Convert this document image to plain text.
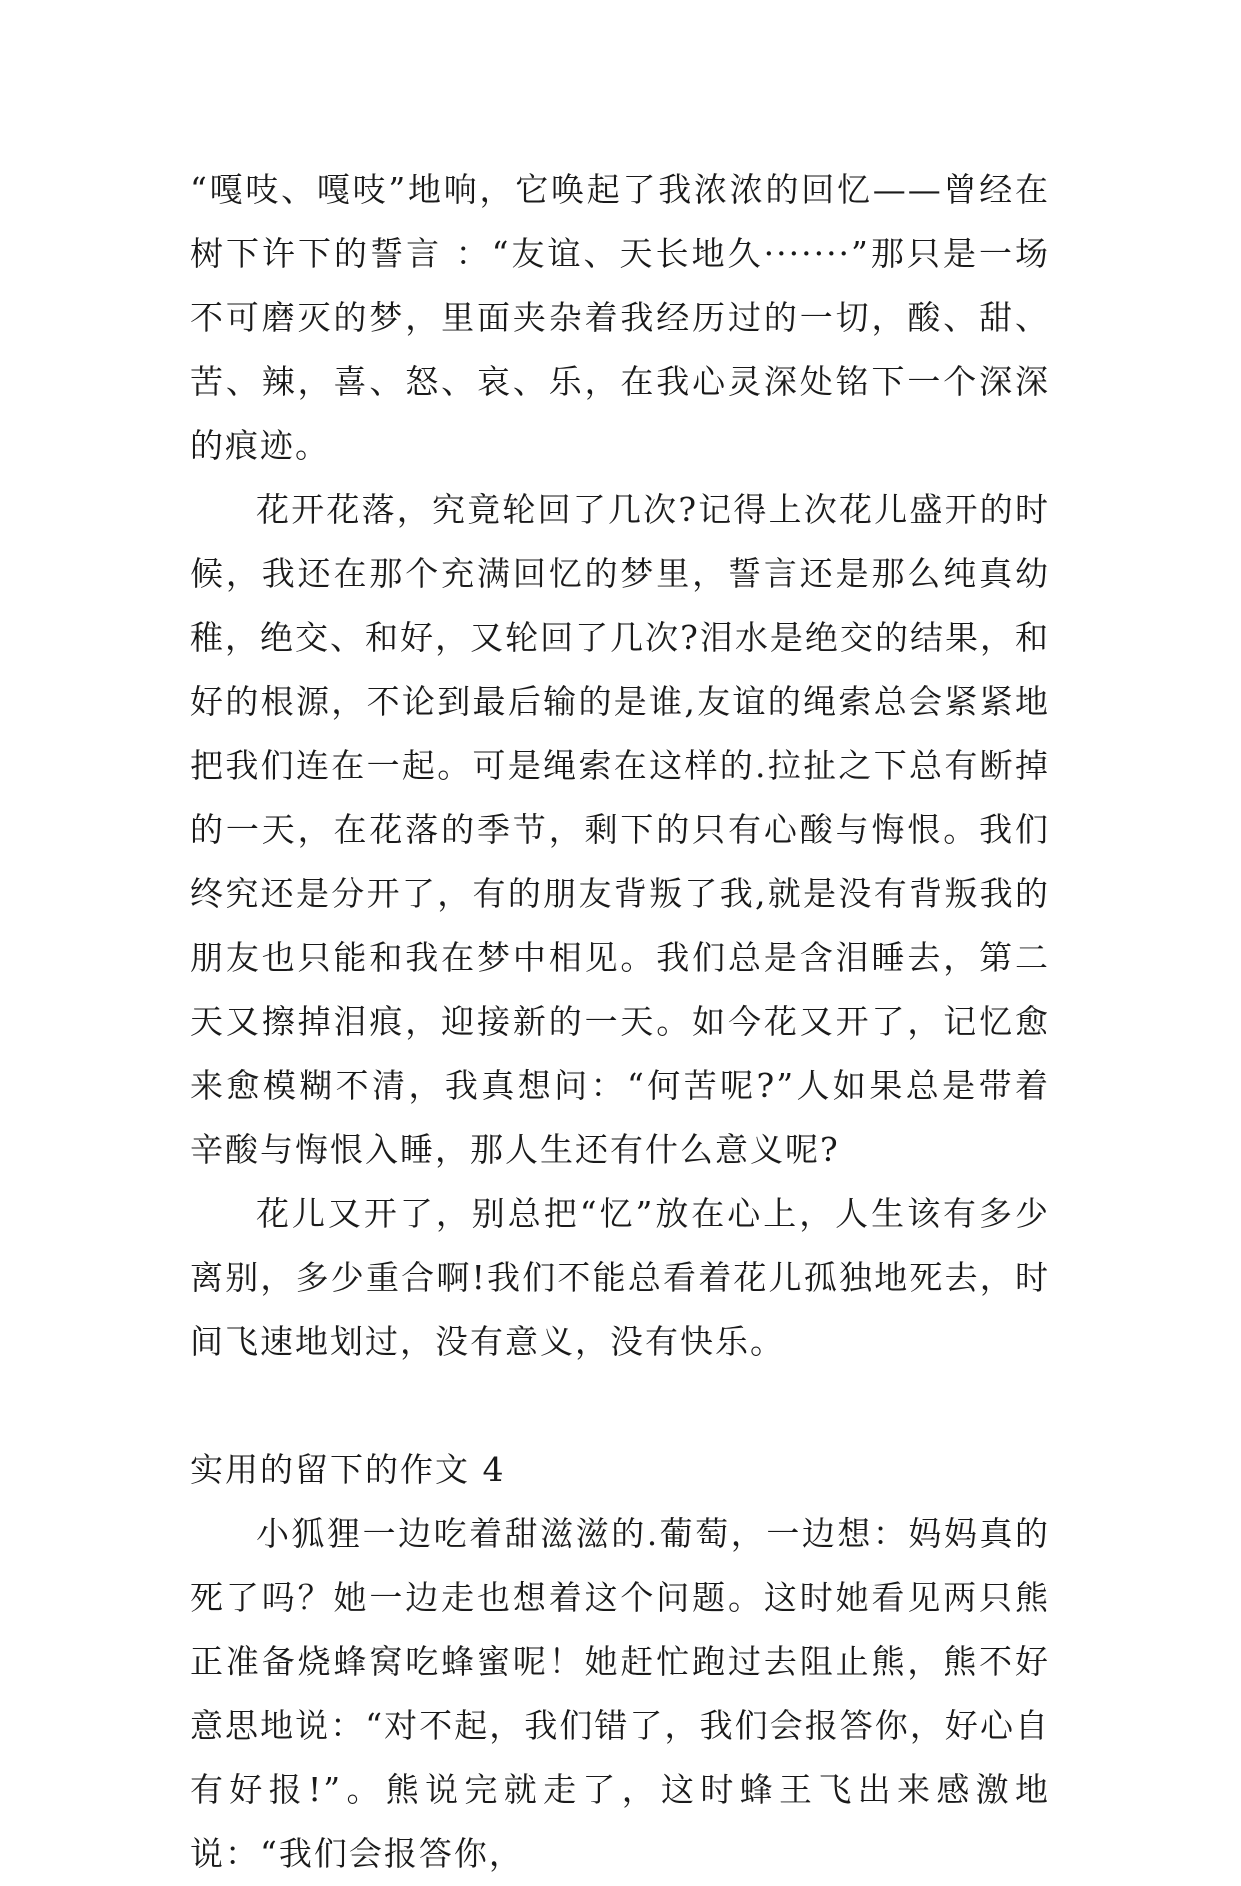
“嘎吱、嘎吱”地响，它唤起了我浓浓的回忆——曾经在树下许下的誓言 ：“友谊、天长地久·······”那只是一场不可磨灭的梦，里面夹杂着我经历过的一切，酸、甜、苦、辣，喜、怒、哀、乐，在我心灵深处铭下一个深深的痕迹。

花开花落，究竟轮回了几次?记得上次花儿盛开的时候，我还在那个充满回忆的梦里，誓言还是那么纯真幼稚，绝交、和好，又轮回了几次?泪水是绝交的结果，和好的根源，不论到最后输的是谁,友谊的绳索总会紧紧地把我们连在一起。可是绳索在这样的.拉扯之下总有断掉的一天，在花落的季节，剩下的只有心酸与悔恨。我们终究还是分开了，有的朋友背叛了我,就是没有背叛我的朋友也只能和我在梦中相见。我们总是含泪睡去，第二天又擦掉泪痕，迎接新的一天。如今花又开了，记忆愈来愈模糊不清，我真想问：“何苦呢?”人如果总是带着辛酸与悔恨入睡，那人生还有什么意义呢?

花儿又开了，别总把“忆”放在心上，人生该有多少离别，多少重合啊!我们不能总看着花儿孤独地死去，时间飞速地划过，没有意义，没有快乐。

实用的留下的作文 4

小狐狸一边吃着甜滋滋的.葡萄，一边想：妈妈真的死了吗？她一边走也想着这个问题。这时她看见两只熊正准备烧蜂窝吃蜂蜜呢！她赶忙跑过去阻止熊，熊不好意思地说：“对不起，我们错了，我们会报答你，好心自有好报!”。熊说完就走了，这时蜂王飞出来感激地说：“我们会报答你，
